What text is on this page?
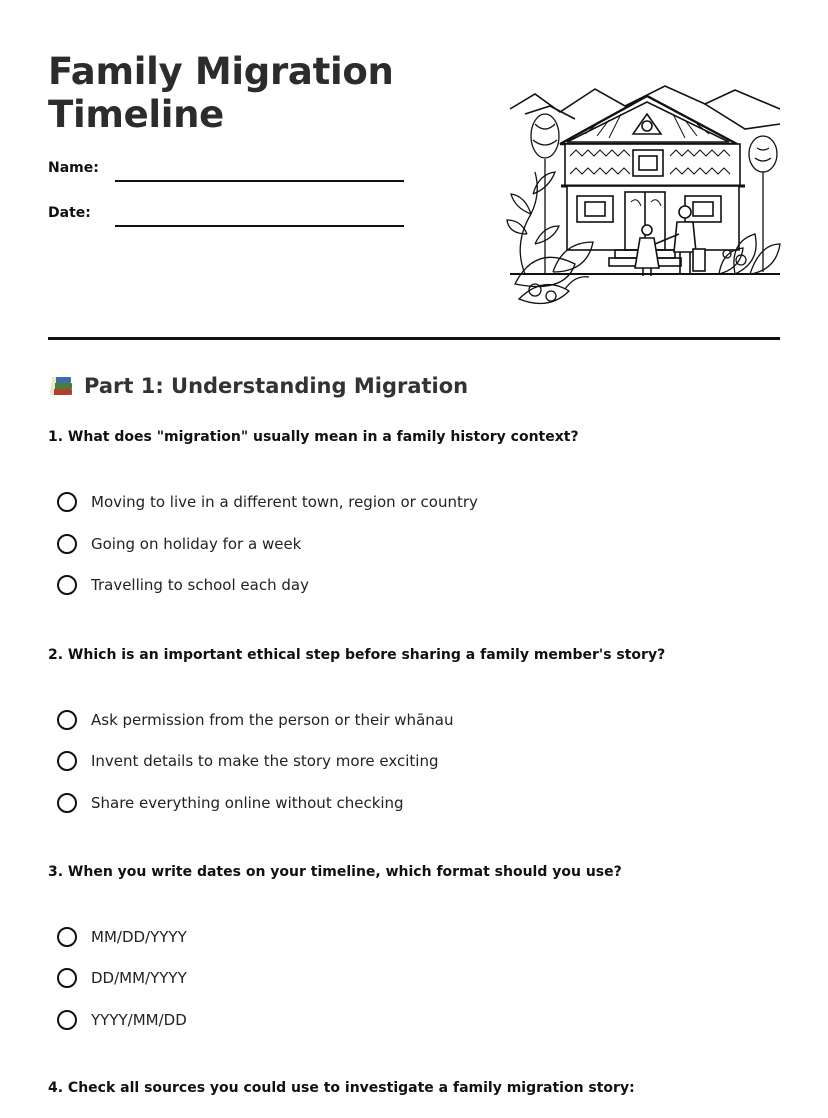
Family Migration
Timeline
Name:
Date:
Part 1: Understanding Migration

1. What does "migration" usually mean in a family history context?

Moving to live in a different town, region or country
Going on holiday for a week
Travelling to school each day

2. Which is an important ethical step before sharing a family member's story?

Ask permission from the person or their whānau
Invent details to make the story more exciting
Share everything online without checking

3. When you write dates on your timeline, which format should you use?

MM/DD/YYYY
DD/MM/YYYY
YYYY/MM/DD

4. Check all sources you could use to investigate a family migration story:
